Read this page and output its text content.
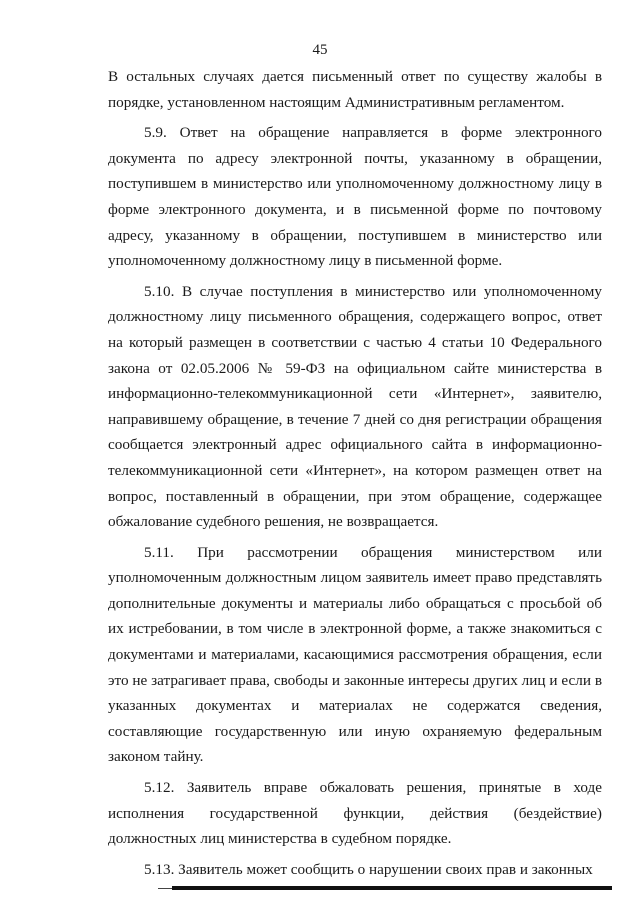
45

В остальных случаях дается письменный ответ по существу жалобы в порядке, установленном настоящим Административным регламентом.

5.9. Ответ на обращение направляется в форме электронного документа по адресу электронной почты, указанному в обращении, поступившем в министерство или уполномоченному должностному лицу в форме электронного документа, и в письменной форме по почтовому адресу, указанному в обращении, поступившем в министерство или уполномоченному должностному лицу в письменной форме.

5.10. В случае поступления в министерство или уполномоченному должностному лицу письменного обращения, содержащего вопрос, ответ на который размещен в соответствии с частью 4 статьи 10 Федерального закона от 02.05.2006 № 59-ФЗ на официальном сайте министерства в информационно-телекоммуникационной сети «Интернет», заявителю, направившему обращение, в течение 7 дней со дня регистрации обращения сообщается электронный адрес официального сайта в информационно-телекоммуникационной сети «Интернет», на котором размещен ответ на вопрос, поставленный в обращении, при этом обращение, содержащее обжалование судебного решения, не возвращается.

5.11. При рассмотрении обращения министерством или уполномоченным должностным лицом заявитель имеет право представлять дополнительные документы и материалы либо обращаться с просьбой об их истребовании, в том числе в электронной форме, а также знакомиться с документами и материалами, касающимися рассмотрения обращения, если это не затрагивает права, свободы и законные интересы других лиц и если в указанных документах и материалах не содержатся сведения, составляющие государственную или иную охраняемую федеральным законом тайну.

5.12. Заявитель вправе обжаловать решения, принятые в ходе исполнения государственной функции, действия (бездействие) должностных лиц министерства в судебном порядке.

5.13. Заявитель может сообщить о нарушении своих прав и законных
